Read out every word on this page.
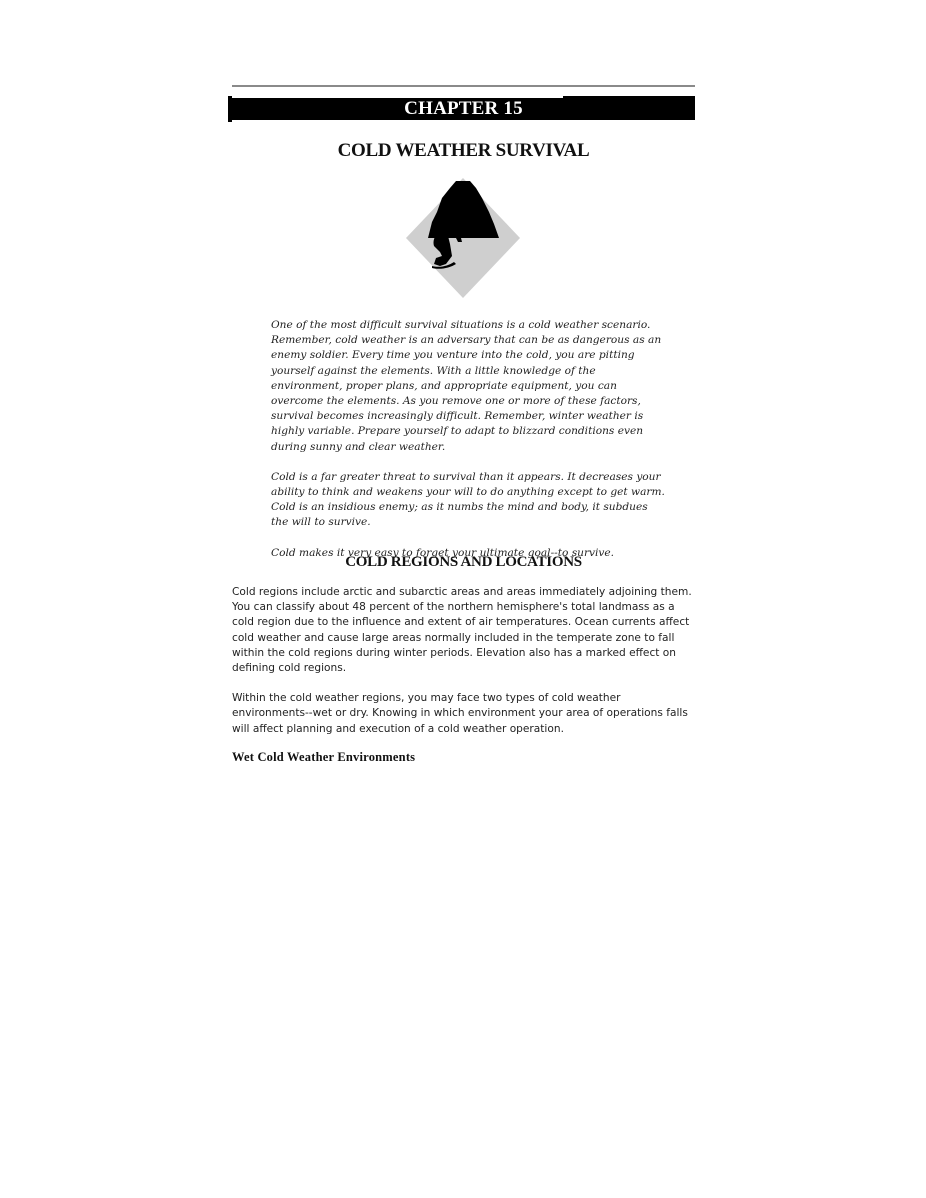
CHAPTER 15
COLD WEATHER SURVIVAL

One of the most difficult survival situations is a cold weather scenario. Remember, cold weather is an adversary that can be as dangerous as an enemy soldier. Every time you venture into the cold, you are pitting yourself against the elements. With a little knowledge of the environment, proper plans, and appropriate equipment, you can overcome the elements. As you remove one or more of these factors, survival becomes increasingly difficult. Remember, winter weather is highly variable. Prepare yourself to adapt to blizzard conditions even during sunny and clear weather.

Cold is a far greater threat to survival than it appears. It decreases your ability to think and weakens your will to do anything except to get warm. Cold is an insidious enemy; as it numbs the mind and body, it subdues the will to survive.

Cold makes it very easy to forget your ultimate goal--to survive.

COLD REGIONS AND LOCATIONS

Cold regions include arctic and subarctic areas and areas immediately adjoining them. You can classify about 48 percent of the northern hemisphere's total landmass as a cold region due to the influence and extent of air temperatures. Ocean currents affect cold weather and cause large areas normally included in the temperate zone to fall within the cold regions during winter periods. Elevation also has a marked effect on defining cold regions.

Within the cold weather regions, you may face two types of cold weather environments--wet or dry. Knowing in which environment your area of operations falls will affect planning and execution of a cold weather operation.

Wet Cold Weather Environments
